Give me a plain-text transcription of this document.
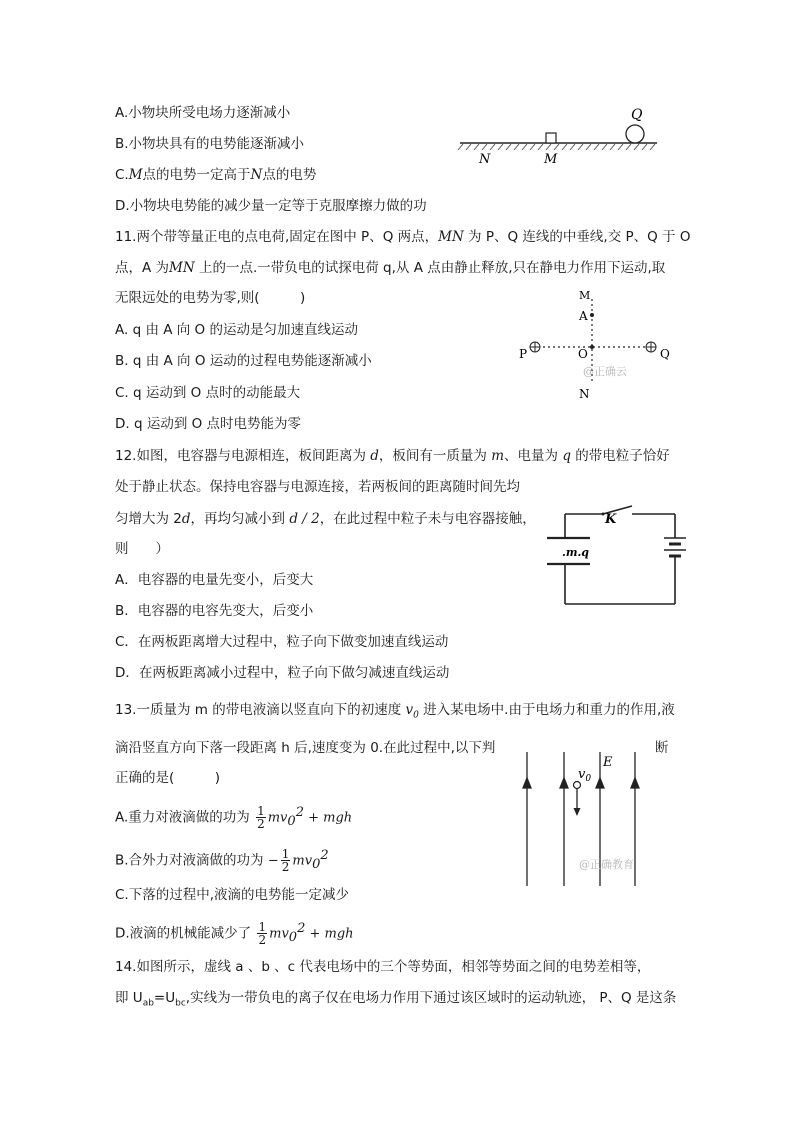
A.小物块所受电场力逐渐减小
B.小物块具有的电势能逐渐减小
C.M点的电势一定高于N点的电势
D.小物块电势能的减少量一定等于克服摩擦力做的功
Q
N	M
11.两个带等量正电的点电荷,固定在图中 P、Q 两点，MN 为 P、Q 连线的中垂线,交 P、Q 于 O
点，A 为MN 上的一点.一带负电的试探电荷 q,从 A 点由静止释放,只在静电力作用下运动,取
无限远处的电势为零,则(　　　)
A. q 由 A 向 O 的运动是匀加速直线运动
B. q 由 A 向 O 运动的过程电势能逐渐减小
C. q 运动到 O 点时的动能最大
D. q 运动到 O 点时电势能为零
M
A
P	O	Q
N
@正确云
12.如图，电容器与电源相连，板间距离为 d，板间有一质量为 m、电量为 q 的带电粒子恰好
处于静止状态。保持电容器与电源连接，若两板间的距离随时间先均
匀增大为 2d，再均匀减小到 d / 2，在此过程中粒子未与电容器接触，
则　　）
A．电容器的电量先变小，后变大
B．电容器的电容先变大，后变小
C．在两板距离增大过程中，粒子向下做变加速直线运动
D．在两板距离减小过程中，粒子向下做匀减速直线运动
K
.m.q
13.一质量为 m 的带电液滴以竖直向下的初速度 $v_0$ 进入某电场中.由于电场力和重力的作用,液
滴沿竖直方向下落一段距离 h 后,速度变为 0.在此过程中,以下判	断
正确的是(　　　)
A.重力对液滴做的功为 $\frac{1}{2} mv_0^2$ + mgh
B.合外力对液滴做的功为 − $\frac{1}{2} mv_0^2$
C.下落的过程中,液滴的电势能一定减少
D.液滴的机械能减少了 $\frac{1}{2} mv_0^2$ + mgh
$v_0$
E
@正确教育
14.如图所示，虚线 a 、b 、c 代表电场中的三个等势面，相邻等势面之间的电势差相等，
即 $U_{ab}=U_{bc}$,实线为一带负电的离子仅在电场力作用下通过该区域时的运动轨迹， P、Q 是这条
